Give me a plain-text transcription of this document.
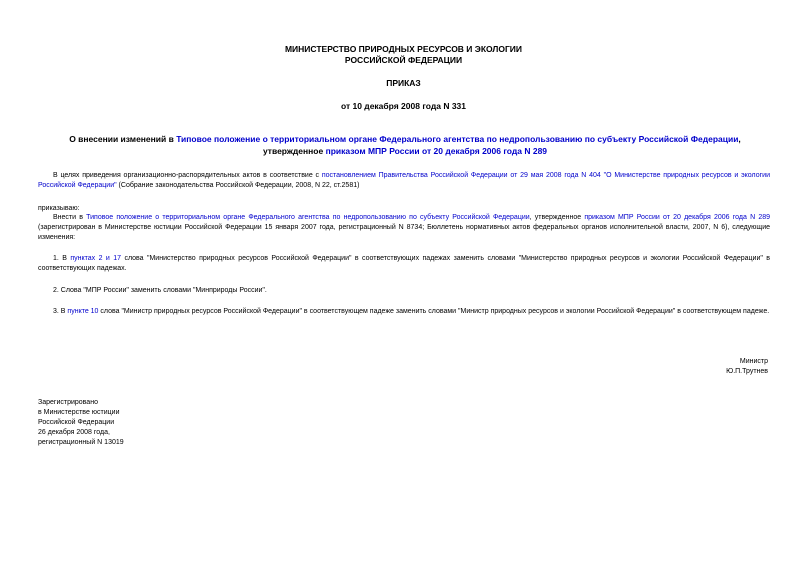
МИНИСТЕРСТВО ПРИРОДНЫХ РЕСУРСОВ И ЭКОЛОГИИ
РОССИЙСКОЙ ФЕДЕРАЦИИ
ПРИКАЗ
от 10 декабря 2008 года N 331

О внесении изменений в Типовое положение о территориальном органе Федерального агентства по недропользованию по субъекту Российской Федерации, утвержденное приказом МПР России от 20 декабря 2006 года N 289

В целях приведения организационно-распорядительных актов в соответствие с постановлением Правительства Российской Федерации от 29 мая 2008 года N 404 "О Министерстве природных ресурсов и экологии Российской Федерации" (Собрание законодательства Российской Федерации, 2008, N 22, ст.2581)

приказываю:

Внести в Типовое положение о территориальном органе Федерального агентства по недропользованию по субъекту Российской Федерации, утвержденное приказом МПР России от 20 декабря 2006 года N 289 (зарегистрирован в Министерстве юстиции Российской Федерации 15 января 2007 года, регистрационный N 8734; Бюллетень нормативных актов федеральных органов исполнительной власти, 2007, N 6), следующие изменения:

1. В пунктах 2 и 17 слова "Министерство природных ресурсов Российской Федерации" в соответствующих падежах заменить словами "Министерство природных ресурсов и экологии Российской Федерации" в соответствующих падежах.

2. Слова "МПР России" заменить словами "Минприроды России".

3. В пункте 10 слова "Министр природных ресурсов Российской Федерации" в соответствующем падеже заменить словами "Министр природных ресурсов и экологии Российской Федерации" в соответствующем падеже.

Министр
Ю.П.Трутнев

Зарегистрировано
в Министерстве юстиции
Российской Федерации
26 декабря 2008 года,
регистрационный N 13019
